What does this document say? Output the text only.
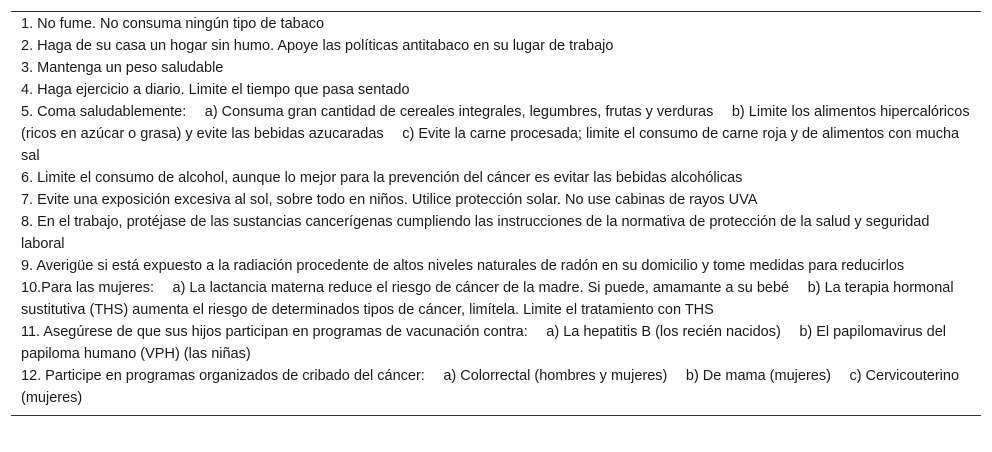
1. No fume. No consuma ningún tipo de tabaco
2. Haga de su casa un hogar sin humo. Apoye las políticas antitabaco en su lugar de trabajo
3. Mantenga un peso saludable
4. Haga ejercicio a diario. Limite el tiempo que pasa sentado
5. Coma saludablemente:  a) Consuma gran cantidad de cereales integrales, legumbres, frutas y verduras  b) Limite los alimentos hipercalóricos (ricos en azúcar o grasa) y evite las bebidas azucaradas  c) Evite la carne procesada; limite el consumo de carne roja y de alimentos con mucha sal
6. Limite el consumo de alcohol, aunque lo mejor para la prevención del cáncer es evitar las bebidas alcohólicas
7. Evite una exposición excesiva al sol, sobre todo en niños. Utilice protección solar. No use cabinas de rayos UVA
8. En el trabajo, protéjase de las sustancias cancerígenas cumpliendo las instrucciones de la normativa de protección de la salud y seguridad laboral
9. Averigüe si está expuesto a la radiación procedente de altos niveles naturales de radón en su domicilio y tome medidas para reducirlos
10.Para las mujeres:  a) La lactancia materna reduce el riesgo de cáncer de la madre. Si puede, amamante a su bebé  b) La terapia hormonal sustitutiva (THS) aumenta el riesgo de determinados tipos de cáncer, limítela. Limite el tratamiento con THS
11. Asegúrese de que sus hijos participan en programas de vacunación contra:  a) La hepatitis B (los recién nacidos)  b) El papilomavirus del papiloma humano (VPH) (las niñas)
12. Participe en programas organizados de cribado del cáncer:  a) Colorrectal (hombres y mujeres)  b) De mama (mujeres)  c) Cervicouterino (mujeres)
